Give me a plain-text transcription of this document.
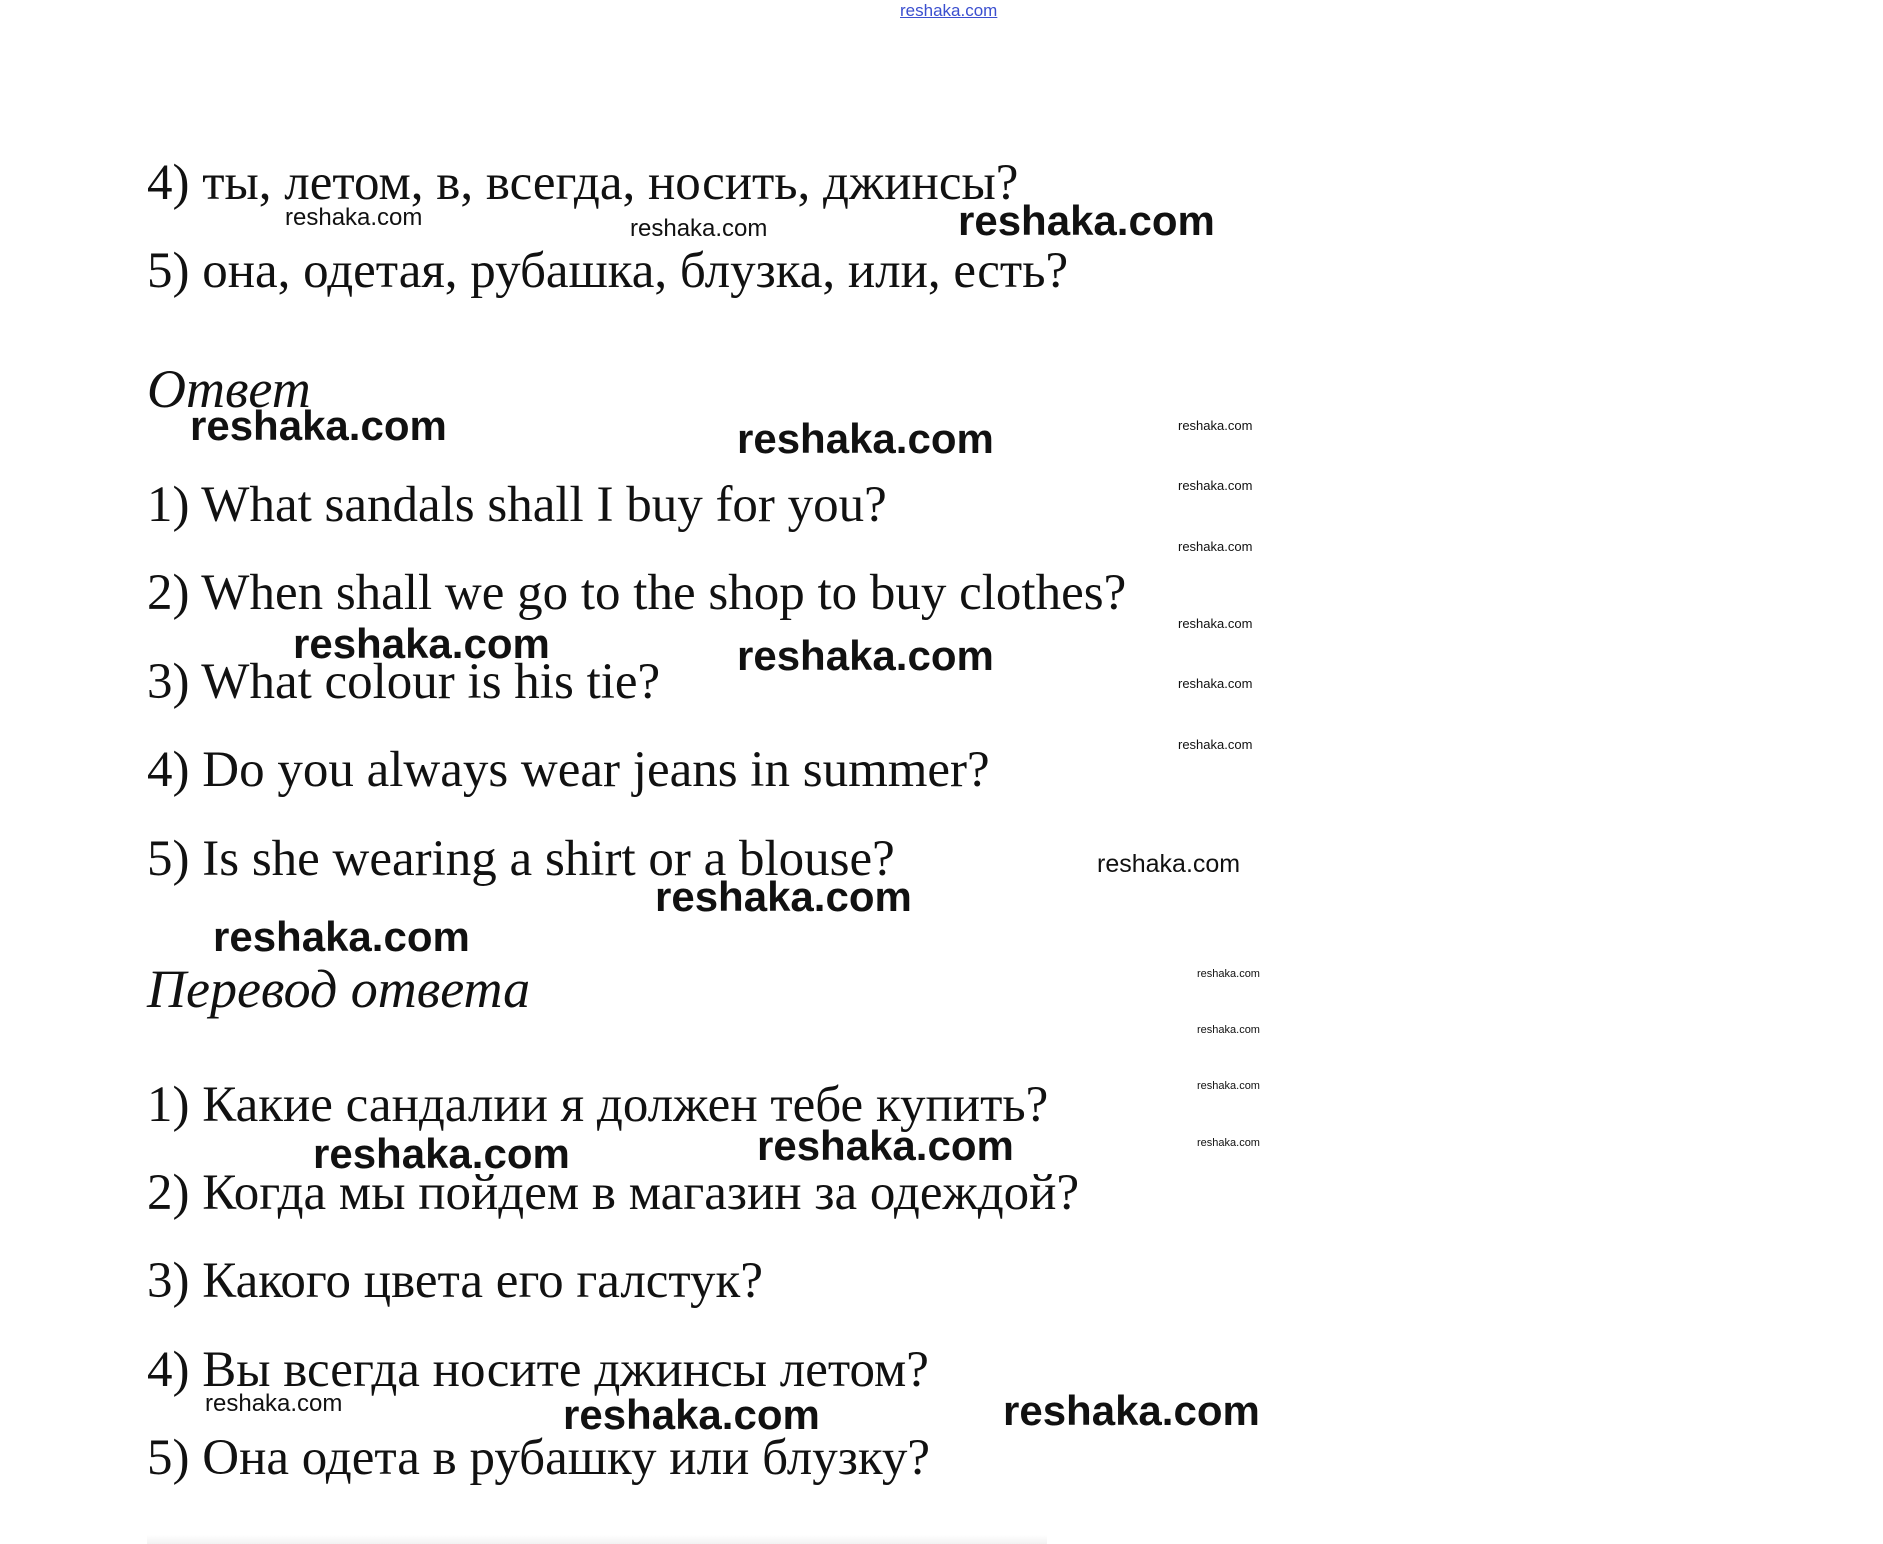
reshaka.com

4) ты, летом, в, всегда, носить, джинсы?

5) она, одетая, рубашка, блузка, или, есть?

Ответ

1) What sandals shall I buy for you?

2) When shall we go to the shop to buy clothes?

3) What colour is his tie?

4) Do you always wear jeans in summer?

5) Is she wearing a shirt or a blouse?

Перевод ответа

1) Какие сандалии я должен тебе купить?

2) Когда мы пойдем в магазин за одеждой?

3) Какого цвета его галстук?

4) Вы всегда носите джинсы летом?

5) Она одета в рубашку или блузку?

reshaka.com	reshaka.com	reshaka.com
reshaka.com	reshaka.com	reshaka.com
reshaka.com
reshaka.com
reshaka.com
reshaka.com
reshaka.com
reshaka.com	reshaka.com
reshaka.com
reshaka.com
reshaka.com
reshaka.com
reshaka.com
reshaka.com
reshaka.com
reshaka.com
reshaka.com
reshaka.com	reshaka.com	reshaka.com
